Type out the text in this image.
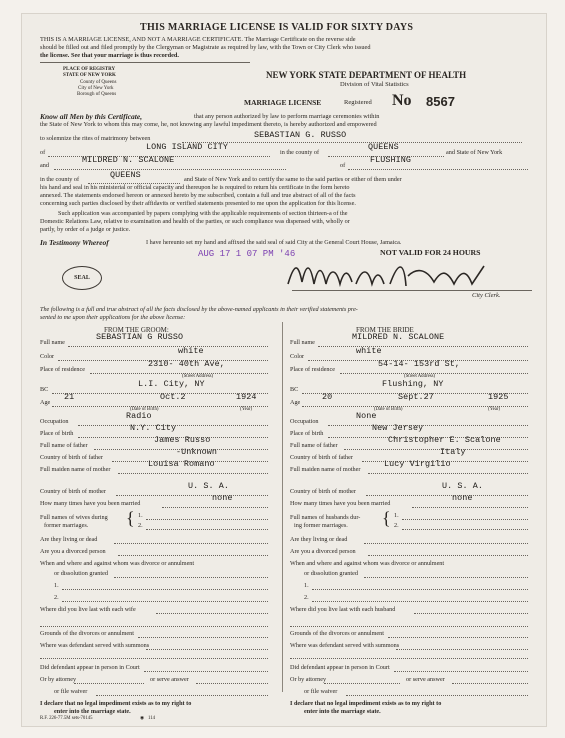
THIS MARRIAGE LICENSE IS VALID FOR SIXTY DAYS
THIS IS A MARRIAGE LICENSE, AND NOT A MARRIAGE CERTIFICATE. The Marriage Certificate on the reverse side
should be filled out and filed promptly by the Clergyman or Magistrate as required by law, with the Town or City Clerk who issued
the license. See that your marriage is thus recorded.
PLACE OF REGISTRY
STATE OF NEW YORK
County of Queens
City of New York
Borough of Queens
NEW YORK STATE DEPARTMENT OF HEALTH
Division of Vital Statistics
MARRIAGE LICENSE	Registered No 8567
Know all Men by this Certificate,	that any person authorized by law to perform marriage ceremonies within
the State of New York to whom this may come, he, not knowing any lawful impediment thereto, is hereby authorized and empowered
to solemnize the rites of matrimony between	SEBASTIAN G. RUSSO
of
LONG ISLAND CITY
in the county of
QUEENS
and State of New York
and
MILDRED N. SCALONE
of
FLUSHING
in the county of	QUEENS	and State of New York and to certify the same to the said parties or either of them under
his hand and seal in his ministerial or official capacity and thereupon he is required to return his certificate in the form hereto
annexed. The statements endorsed hereon or annexed hereto by me subscribed, contain a full and true abstract of all of the facts
concerning such parties disclosed by their affidavits or verified statements presented to me upon the application for this license.
Such application was accompanied by papers complying with the applicable requirements of section thirteen-a of the
Domestic Relations Law, relative to examination and health of the parties, or such compliance was dispensed with, wholly or
partly, by order of a judge or justice.
In Testimony Whereof	I have hereunto set my hand and affixed the said seal of said City at the General Court House, Jamaica.
NOT VALID FOR 24 HOURS
AUG 17 1 07 PM '46
SEAL
City Clerk.
The following is a full and true abstract of all the facts disclosed by the above-named applicants in their verified statements pre-
sented to me upon their applications for the above license:
FROM THE GROOM:
Full name
SEBASTIAN G RUSSO
Color
white
Place of residence
2310- 40th Ave,
(Street Address)
BC
L.I. City, NY
Age
21	Oct.2	1924
(Date of Birth)	(Year)
Occupation
Radio
Place of birth
N.Y. City
Full name of father
James Russo
Country of birth of father
-Unknown
Full maiden name of mother
Louisa Romano
Country of birth of mother
U. S. A.
How many times have you been married
none
Full names of wives during
former marriages. { 1.
2.
Are they living or dead
Are you a divorced person
When and where and against whom was divorce or annulment
or dissolution granted
1.
2.
Where did you live last with each wife
Grounds of the divorces or annulment
Where was defendant served with summons
Did defendant appear in person in Court
Or by attorney	or serve answer
or file waiver
I declare that no legal impediment exists as to my right to
enter into the marriage state.
FROM THE BRIDE
Full name
MILDRED N. SCALONE
Color
white
Place of residence
54-14- 153rd St,
(Street Address)
BC
Flushing, NY
Age
20	Sept.27	1925
(Date of Birth)	(Year)
Occupation
None
Place of birth
New Jersey
Full name of father
Christopher E. Scalone
Country of birth of father
Italy
Full maiden name of mother
Lucy Virgilio
Country of birth of mother
U. S. A.
How many times have you been married
none
Full names of husbands dur-
ing former marriages. { 1.
2.
Are they living or dead
Are you a divorced person
When and where and against whom was divorce or annulment
or dissolution granted
1.
2.
Where did you live last with each husband
Grounds of the divorces or annulment
Where was defendant served with summons
Did defendant appear in person in Court
Or by attorney	or serve answer
or file waiver
I declare that no legal impediment exists as to my right to
enter into the marriage state.
R.F. 226-77.5M sets-70145	◉ 114
